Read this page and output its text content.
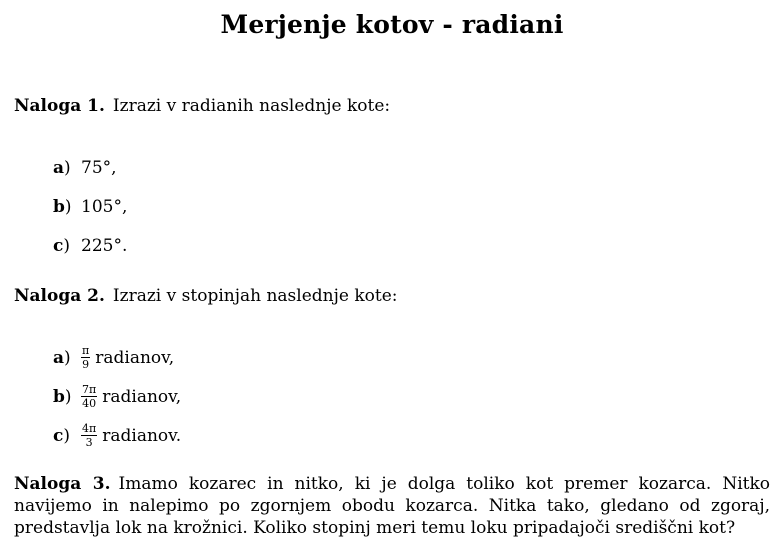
Merjenje kotov - radiani
Naloga 1. Izrazi v radianih naslednje kote:
a) 75°,
b) 105°,
c) 225°.
Naloga 2. Izrazi v stopinjah naslednje kote:
$a) \frac{\pi}{9}$ radianov,
$b) \frac{7\pi}{40}$ radianov,
c)	$\frac{4\pi}{3}$ radianov.
Naloga 3. Imamo kozarec in nitko, ki je dolga toliko kot premer kozarca. Nitko navijemo in nalepimo po zgornjem obodu kozarca. Nitka tako, gledano od zgoraj, predstavlja lok na krožnici. Koliko stopinj meri temu loku pripadajoči središčni kot?
